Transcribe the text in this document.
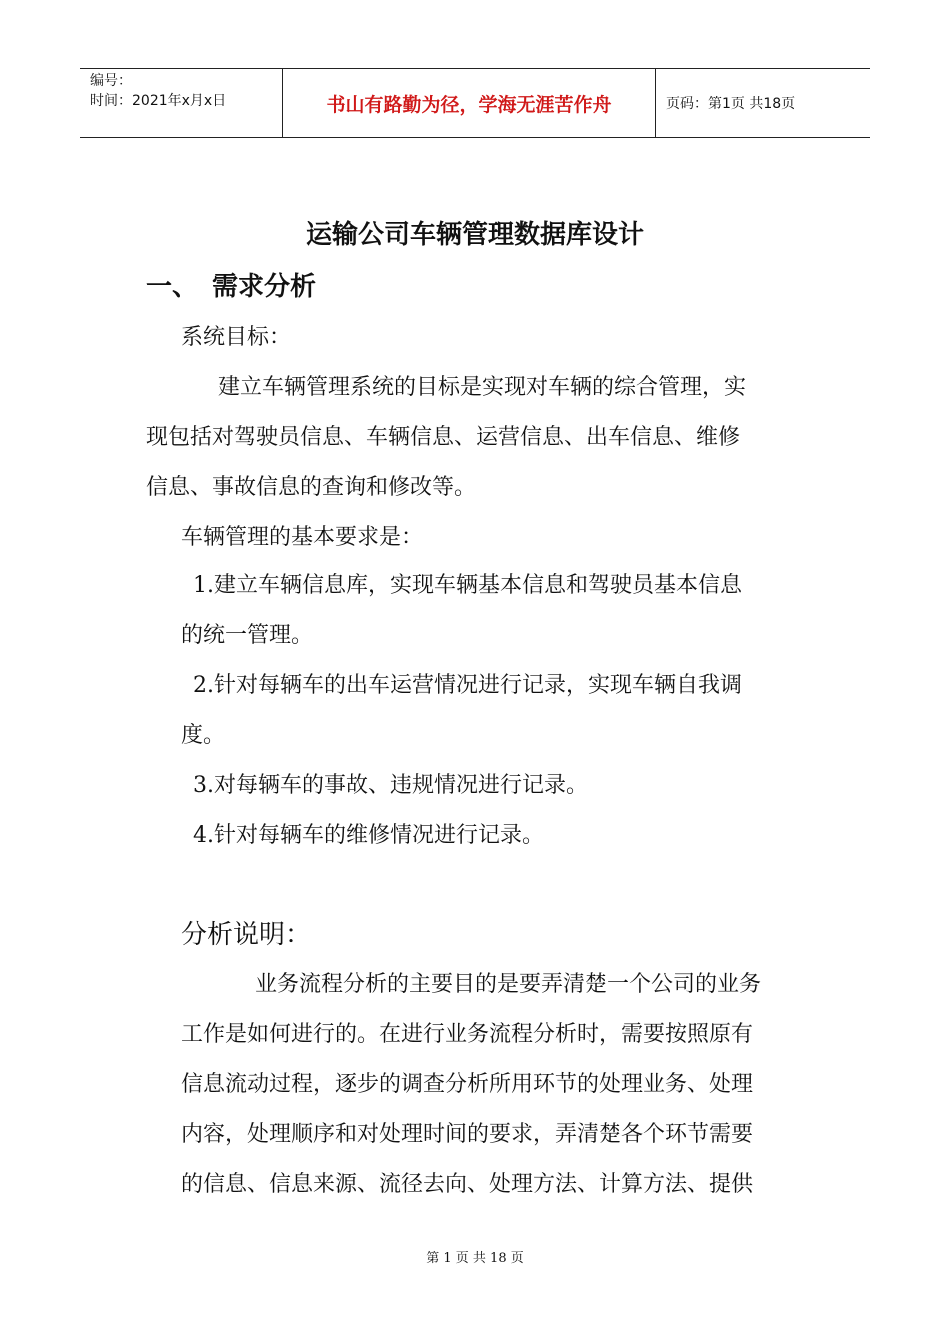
编号：
时间：2021年x月x日	书山有路勤为径，学海无涯苦作舟	页码：第1页 共18页
运输公司车辆管理数据库设计
一、 需求分析
系统目标：
建立车辆管理系统的目标是实现对车辆的综合管理，实
现包括对驾驶员信息、车辆信息、运营信息、出车信息、维修
信息、事故信息的查询和修改等。
车辆管理的基本要求是：
1.建立车辆信息库，实现车辆基本信息和驾驶员基本信息
的统一管理。
2.针对每辆车的出车运营情况进行记录，实现车辆自我调
度。
3.对每辆车的事故、违规情况进行记录。
4.针对每辆车的维修情况进行记录。
分析说明：
业务流程分析的主要目的是要弄清楚一个公司的业务
工作是如何进行的。在进行业务流程分析时，需要按照原有
信息流动过程，逐步的调查分析所用环节的处理业务、处理
内容，处理顺序和对处理时间的要求，弄清楚各个环节需要
的信息、信息来源、流径去向、处理方法、计算方法、提供
第 1 页 共 18 页
